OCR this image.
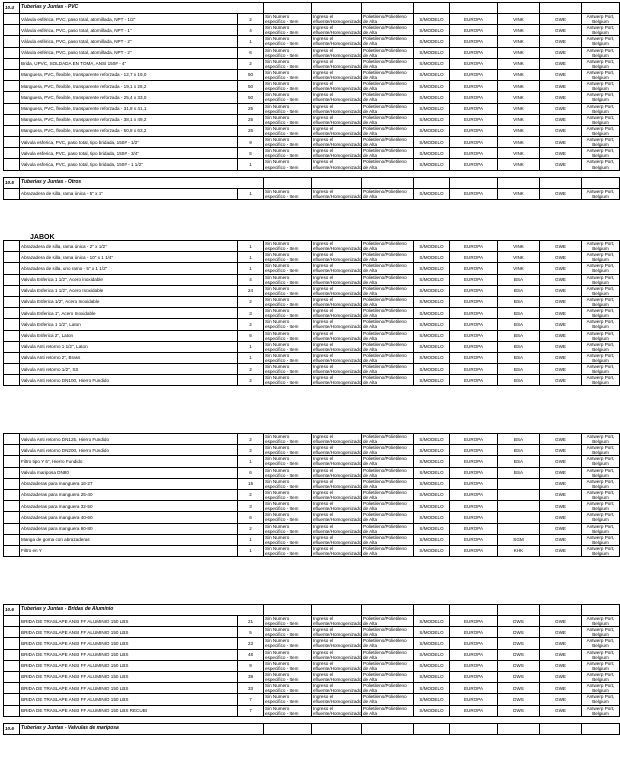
10.4	Tuberias y Juntas - PVC									
	Válvula esférica, PVC, paso total, atornillada, NPT - 1/2"	2	Sin Numero especifico - Item	Ingreso el efluente/Homogenizado	Polietileno/Polietileno de Alta	S/MODELO	EUROPA	VINK	GWE	Antwerp Port, Belgium
	Válvula esférica, PVC, paso total, atornillada, NPT - 1"	4	Sin Numero especifico - Item	Ingreso el efluente/Homogenizado	Polietileno/Polietileno de Alta	S/MODELO	EUROPA	VINK	GWE	Antwerp Port, Belgium
	Válvula esférica, PVC, paso total, atornillada, NPT - 2"	1	Sin Numero especifico - Item	Ingreso el efluente/Homogenizado	Polietileno/Polietileno de Alta	S/MODELO	EUROPA	VINK	GWE	Antwerp Port, Belgium
	Válvula esférica, PVC, paso total, atornillada, NPT - 2"	6	Sin Numero especifico - Item	Ingreso el efluente/Homogenizado	Polietileno/Polietileno de Alta	S/MODELO	EUROPA	VINK	GWE	Antwerp Port, Belgium
	Brida, UPVC, SOLDADA EN TOMA, ANSI 150# - 4"	2	Sin Numero especifico - Item	Ingreso el efluente/Homogenizado	Polietileno/Polietileno de Alta	S/MODELO	EUROPA	VINK	GWE	Antwerp Port, Belgium
	Manguera, PVC, flexible, transparente reforzada - 12,7 x 19,0	50	Sin Numero especifico - Item	Ingreso el efluente/Homogenizado	Polietileno/Polietileno de Alta	S/MODELO	EUROPA	VINK	GWE	Antwerp Port, Belgium
	Manguera, PVC, flexible, transparente reforzada - 19,1 x 26,2	50	Sin Numero especifico - Item	Ingreso el efluente/Homogenizado	Polietileno/Polietileno de Alta	S/MODELO	EUROPA	VINK	GWE	Antwerp Port, Belgium
	Manguera, PVC, flexible, transparente reforzada - 25,4 x 33,0	50	Sin Numero especifico - Item	Ingreso el efluente/Homogenizado	Polietileno/Polietileno de Alta	S/MODELO	EUROPA	VINK	GWE	Antwerp Port, Belgium
	Manguera, PVC, flexible, transparente reforzada - 31,8 x 41,1	25	Sin Numero especifico - Item	Ingreso el efluente/Homogenizado	Polietileno/Polietileno de Alta	S/MODELO	EUROPA	VINK	GWE	Antwerp Port, Belgium
	Manguera, PVC, flexible, transparente reforzada - 38,1 x 49,2	25	Sin Numero especifico - Item	Ingreso el efluente/Homogenizado	Polietileno/Polietileno de Alta	S/MODELO	EUROPA	VINK	GWE	Antwerp Port, Belgium
	Manguera, PVC, flexible, transparente reforzada - 50,8 x 63,2	25	Sin Numero especifico - Item	Ingreso el efluente/Homogenizado	Polietileno/Polietileno de Alta	S/MODELO	EUROPA	VINK	GWE	Antwerp Port, Belgium
	Valvula esferica, PVC, paso total, tipo bridada, 150# - 1/2"	9	Sin Numero especifico - Item	Ingreso el efluente/Homogenizado	Polietileno/Polietileno de Alta	S/MODELO	EUROPA	VINK	GWE	Antwerp Port, Belgium
	Valvula esferica, PVC, paso total, tipo bridada, 150# - 3/4"	5	Sin Numero especifico - Item	Ingreso el efluente/Homogenizado	Polietileno/Polietileno de Alta	S/MODELO	EUROPA	VINK	GWE	Antwerp Port, Belgium
	Valvula esferica, PVC, paso total, tipo bridada, 150# - 1 1/2"	1	Sin Numero especifico - Item	Ingreso el efluente/Homogenizado	Polietileno/Polietileno de Alta	S/MODELO	EUROPA	VINK	GWE	Antwerp Port, Belgium

10.5	Tuberias y Juntas - Otros									
	Abrazadera de silla, rama única - 5" x 1"	1	Sin Numero especifico - Item	Ingreso el efluente/Homogenizado	Polietileno/Polietileno de Alta	S/MODELO	EUROPA	VINK	GWE	Antwerp Port, Belgium
	Abrazadera de silla, rama única - 2" x 1/2"	1	Sin Numero especifico - Item	Ingreso el efluente/Homogenizado	Polietileno/Polietileno de Alta	S/MODELO	EUROPA	VINK	GWE	Antwerp Port, Belgium
	Abrazadera de silla, rama única - 10" x 1 1/4"	1	Sin Numero especifico - Item	Ingreso el efluente/Homogenizado	Polietileno/Polietileno de Alta	S/MODELO	EUROPA	VINK	GWE	Antwerp Port, Belgium
	Abrazadera de silla, uno ramo - 5" x 1 1/2"	1	Sin Numero especifico - Item	Ingreso el efluente/Homogenizado	Polietileno/Polietileno de Alta	S/MODELO	EUROPA	VINK	GWE	Antwerp Port, Belgium
	Valvula Esferica 1 1/2", Acero inoxidable	4	Sin Numero especifico - Item	Ingreso el efluente/Homogenizado	Polietileno/Polietileno de Alta	S/MODELO	EUROPA	BSA	GWE	Antwerp Port, Belgium
	Valvula Esferica 1 1/2", Acero Inoxidable	24	Sin Numero especifico - Item	Ingreso el efluente/Homogenizado	Polietileno/Polietileno de Alta	S/MODELO	EUROPA	BSA	GWE	Antwerp Port, Belgium
	Valvula Esferica 1/2", Acero Inoxidable	2	Sin Numero especifico - Item	Ingreso el efluente/Homogenizado	Polietileno/Polietileno de Alta	S/MODELO	EUROPA	BSA	GWE	Antwerp Port, Belgium
	Valvula Esferica 1", Acero Inoxidable	3	Sin Numero especifico - Item	Ingreso el efluente/Homogenizado	Polietileno/Polietileno de Alta	S/MODELO	EUROPA	BSA	GWE	Antwerp Port, Belgium
	Valvula Esferica 1 1/2", Laton	2	Sin Numero especifico - Item	Ingreso el efluente/Homogenizado	Polietileno/Polietileno de Alta	S/MODELO	EUROPA	BSA	GWE	Antwerp Port, Belgium
	Valvula Esferica 2", Laton	6	Sin Numero especifico - Item	Ingreso el efluente/Homogenizado	Polietileno/Polietileno de Alta	S/MODELO	EUROPA	BSA	GWE	Antwerp Port, Belgium
	Valvula Anti retorno 1 1/2", Laton	1	Sin Numero especifico - Item	Ingreso el efluente/Homogenizado	Polietileno/Polietileno de Alta	S/MODELO	EUROPA	BSA	GWE	Antwerp Port, Belgium
	Valvula Anti retorno 2", Brass	1	Sin Numero especifico - Item	Ingreso el efluente/Homogenizado	Polietileno/Polietileno de Alta	S/MODELO	EUROPA	BSA	GWE	Antwerp Port, Belgium
	Valvula Anti retorno 1/2", SS	2	Sin Numero especifico - Item	Ingreso el efluente/Homogenizado	Polietileno/Polietileno de Alta	S/MODELO	EUROPA	BSA	GWE	Antwerp Port, Belgium
	Valvula Anti retorno DN100, Hierro Fundido	2	Sin Numero especifico - Item	Ingreso el efluente/Homogenizado	Polietileno/Polietileno de Alta	S/MODELO	EUROPA	BSA	GWE	Antwerp Port, Belgium
	Valvula Anti retorno DN125, Hierro Fundido	2	Sin Numero especifico - Item	Ingreso el efluente/Homogenizado	Polietileno/Polietileno de Alta	S/MODELO	EUROPA	BSA	GWE	Antwerp Port, Belgium
	Valvula Anti retorno DN200, Hierro Fundido	2	Sin Numero especifico - Item	Ingreso el efluente/Homogenizado	Polietileno/Polietileno de Alta	S/MODELO	EUROPA	BSA	GWE	Antwerp Port, Belgium
	Filtro tipo Y 6", Hierro Fundido	1	Sin Numero especifico - Item	Ingreso el efluente/Homogenizado	Polietileno/Polietileno de Alta	S/MODELO	EUROPA	BSA	GWE	Antwerp Port, Belgium
	Valvula mariposa DN80	6	Sin Numero especifico - Item	Ingreso el efluente/Homogenizado	Polietileno/Polietileno de Alta	S/MODELO	EUROPA	BSA	GWE	Antwerp Port, Belgium
	Abrazaderas para manguera 16-27	15	Sin Numero especifico - Item	Ingreso el efluente/Homogenizado	Polietileno/Polietileno de Alta	S/MODELO	EUROPA		GWE	Antwerp Port, Belgium
	Abrazaderas para manguera 25-40	2	Sin Numero especifico - Item	Ingreso el efluente/Homogenizado	Polietileno/Polietileno de Alta	S/MODELO	EUROPA		GWE	Antwerp Port, Belgium
	Abrazaderas para manguera 32-50	3	Sin Numero especifico - Item	Ingreso el efluente/Homogenizado	Polietileno/Polietileno de Alta	S/MODELO	EUROPA		GWE	Antwerp Port, Belgium
	Abrazaderas para manguera 40-60	6	Sin Numero especifico - Item	Ingreso el efluente/Homogenizado	Polietileno/Polietileno de Alta	S/MODELO	EUROPA		GWE	Antwerp Port, Belgium
	Abrazaderas para manguera 60-80	2	Sin Numero especifico - Item	Ingreso el efluente/Homogenizado	Polietileno/Polietileno de Alta	S/MODELO	EUROPA		GWE	Antwerp Port, Belgium
	Manga de goma con abrazaderas	1	Sin Numero especifico - Item	Ingreso el efluente/Homogenizado	Polietileno/Polietileno de Alta	S/MODELO	EUROPA	SGM	GWE	Antwerp Port, Belgium
	Filtro en Y	1	Sin Numero especifico - Item	Ingreso el efluente/Homogenizado	Polietileno/Polietileno de Alta	S/MODELO	EUROPA	KHK	GWE	Antwerp Port, Belgium
10.6	Tuberias y Juntas - Bridas de Aluminio									
	BRIDA DE TRASLAPE ANSI FF ALUMINIO 150 LBS	21	Sin Numero especifico - Item	Ingreso el efluente/Homogenizado	Polietileno/Polietileno de Alta	S/MODELO	EUROPA	DWS	GWE	Antwerp Port, Belgium
	BRIDA DE TRASLAPE ANSI FF ALUMINIO 150 LBS	5	Sin Numero especifico - Item	Ingreso el efluente/Homogenizado	Polietileno/Polietileno de Alta	S/MODELO	EUROPA	DWS	GWE	Antwerp Port, Belgium
	BRIDA DE TRASLAPE ANSI FF ALUMINIO 150 LBS	23	Sin Numero especifico - Item	Ingreso el efluente/Homogenizado	Polietileno/Polietileno de Alta	S/MODELO	EUROPA	DWS	GWE	Antwerp Port, Belgium
	BRIDA DE TRASLAPE ANSI FF ALUMINIO 150 LBS	48	Sin Numero especifico - Item	Ingreso el efluente/Homogenizado	Polietileno/Polietileno de Alta	S/MODELO	EUROPA	DWS	GWE	Antwerp Port, Belgium
	BRIDA DE TRASLAPE ANSI FF ALUMINIO 150 LBS	9	Sin Numero especifico - Item	Ingreso el efluente/Homogenizado	Polietileno/Polietileno de Alta	S/MODELO	EUROPA	DWS	GWE	Antwerp Port, Belgium
	BRIDA DE TRASLAPE ANSI FF ALUMINIO 150 LBS	39	Sin Numero especifico - Item	Ingreso el efluente/Homogenizado	Polietileno/Polietileno de Alta	S/MODELO	EUROPA	DWS	GWE	Antwerp Port, Belgium
	BRIDA DE TRASLAPE ANSI FF ALUMINIO 150 LBS	33	Sin Numero especifico - Item	Ingreso el efluente/Homogenizado	Polietileno/Polietileno de Alta	S/MODELO	EUROPA	DWS	GWE	Antwerp Port, Belgium
	BRIDA DE TRASLAPE ANSI FF ALUMINIO 150 LBS	7	Sin Numero especifico - Item	Ingreso el efluente/Homogenizado	Polietileno/Polietileno de Alta	S/MODELO	EUROPA	DWS	GWE	Antwerp Port, Belgium
	BRIDA DE TRASLAPE ANSI FF ALUMINIO 150 LBS RECUBI	7	Sin Numero especifico - Item	Ingreso el efluente/Homogenizado	Polietileno/Polietileno de Alta	S/MODELO	EUROPA	DWS	GWE	Antwerp Port, Belgium

10.6	Tuberias y Juntas - Valvulas de mariposa									
JABOK
